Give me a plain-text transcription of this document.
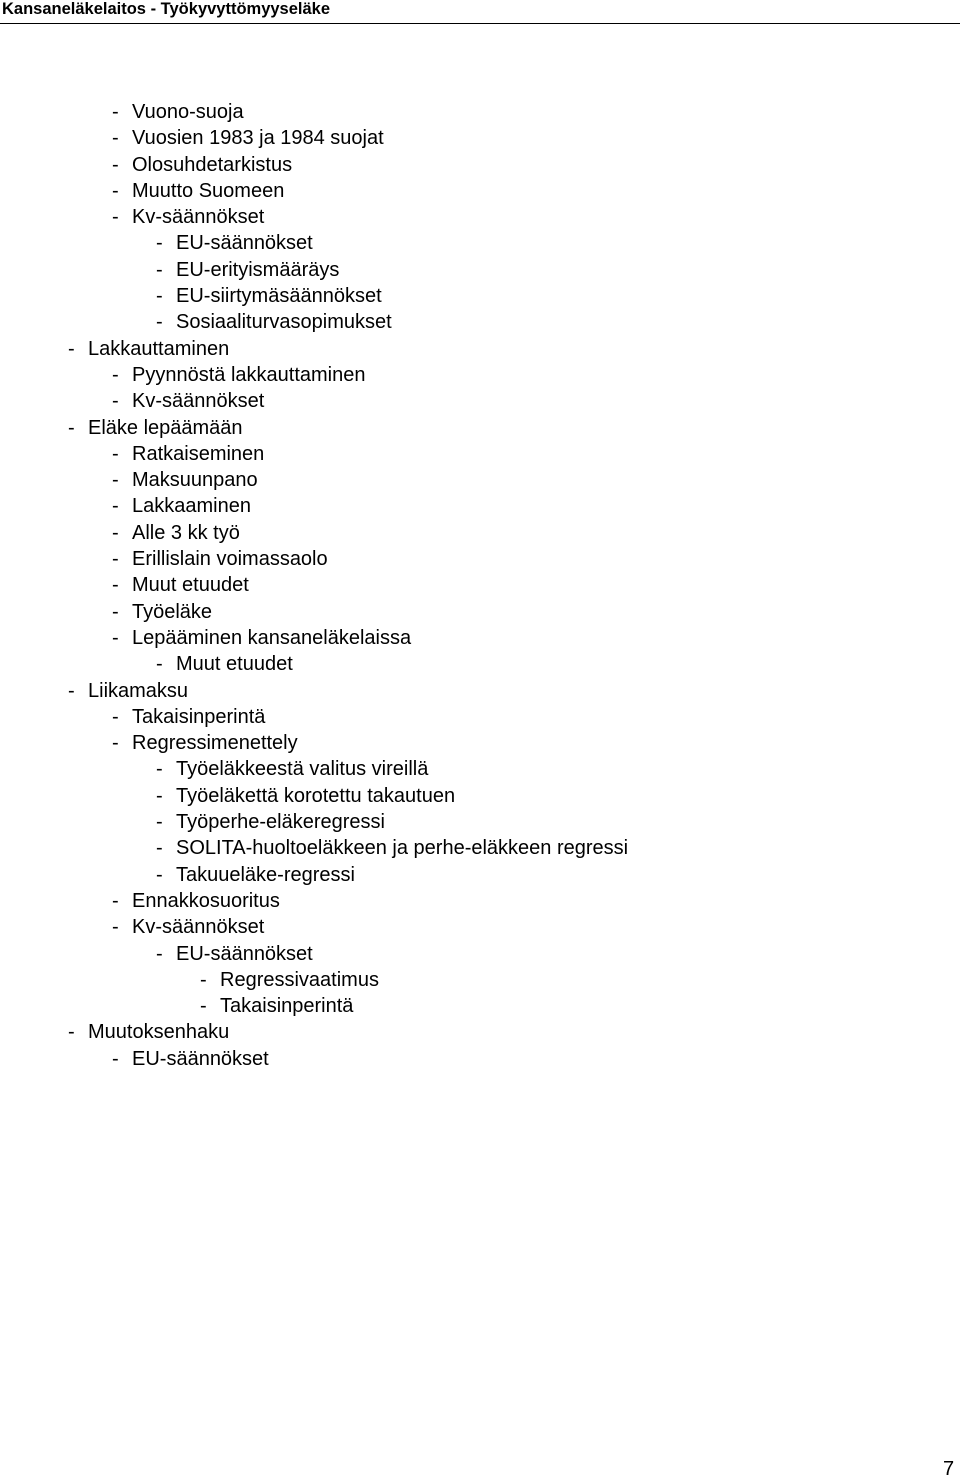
Kansaneläkelaitos - Työkyvyttömyyseläke
- Vuono-suoja
- Vuosien 1983 ja 1984 suojat
- Olosuhdetarkistus
- Muutto Suomeen
- Kv-säännökset
- EU-säännökset
- EU-erityismääräys
- EU-siirtymäsäännökset
- Sosiaaliturvasopimukset
- Lakkauttaminen
- Pyynnöstä lakkauttaminen
- Kv-säännökset
- Eläke lepäämään
- Ratkaiseminen
- Maksuunpano
- Lakkaaminen
- Alle 3 kk työ
- Erillislain voimassaolo
- Muut etuudet
- Työeläke
- Lepääminen kansaneläkelaissa
- Muut etuudet
- Liikamaksu
- Takaisinperintä
- Regressimenettely
- Työeläkkeestä valitus vireillä
- Työeläkettä korotettu takautuen
- Työperhe-eläkeregressi
- SOLITA-huoltoeläkkeen ja perhe-eläkkeen regressi
- Takuueläke-regressi
- Ennakkosuoritus
- Kv-säännökset
- EU-säännökset
- Regressivaatimus
- Takaisinperintä
- Muutoksenhaku
- EU-säännökset
7
